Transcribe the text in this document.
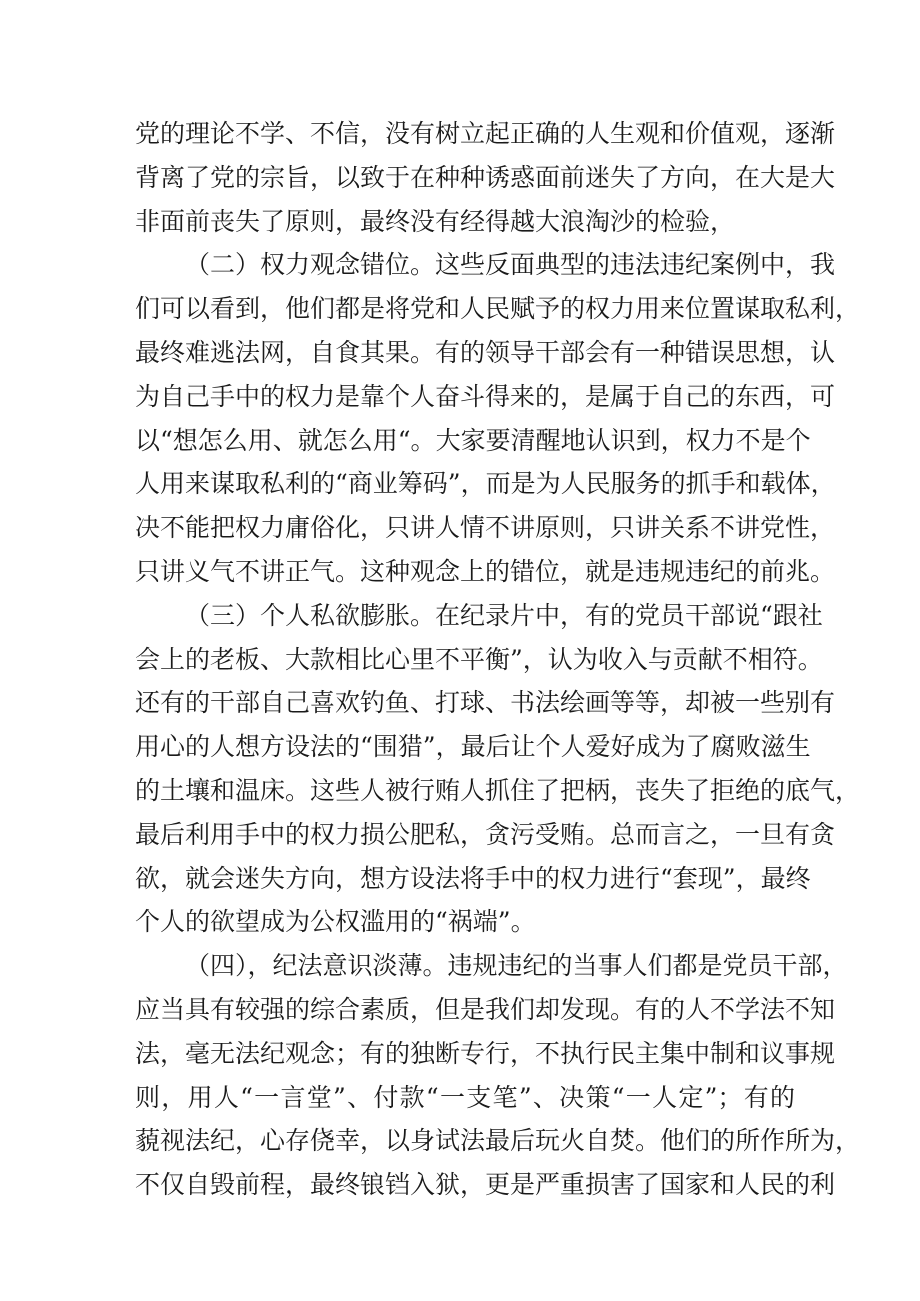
党的理论不学、不信，没有树立起正确的人生观和价值观，逐渐
背离了党的宗旨，以致于在种种诱惑面前迷失了方向，在大是大
非面前丧失了原则，最终没有经得越大浪淘沙的检验，
（二）权力观念错位。这些反面典型的违法违纪案例中，我
们可以看到，他们都是将党和人民赋予的权力用来位置谋取私利，
最终难逃法网，自食其果。有的领导干部会有一种错误思想，认
为自己手中的权力是靠个人奋斗得来的，是属于自己的东西，可
以“想怎么用、就怎么用“。大家要清醒地认识到，权力不是个
人用来谋取私利的“商业筹码”，而是为人民服务的抓手和载体，
决不能把权力庸俗化，只讲人情不讲原则，只讲关系不讲党性，
只讲义气不讲正气。这种观念上的错位，就是违规违纪的前兆。
（三）个人私欲膨胀。在纪录片中，有的党员干部说“跟社
会上的老板、大款相比心里不平衡”，认为收入与贡献不相符。
还有的干部自己喜欢钓鱼、打球、书法绘画等等，却被一些别有
用心的人想方设法的“围猎”，最后让个人爱好成为了腐败滋生
的土壤和温床。这些人被行贿人抓住了把柄，丧失了拒绝的底气，
最后利用手中的权力损公肥私，贪污受贿。总而言之，一旦有贪
欲，就会迷失方向，想方设法将手中的权力进行“套现”，最终
个人的欲望成为公权滥用的“祸端”。
（四），纪法意识淡薄。违规违纪的当事人们都是党员干部，
应当具有较强的综合素质，但是我们却发现。有的人不学法不知
法，毫无法纪观念；有的独断专行，不执行民主集中制和议事规
则，用人“一言堂”、付款“一支笔”、决策“一人定”；有的
藐视法纪，心存侥幸，以身试法最后玩火自焚。他们的所作所为，
不仅自毁前程，最终锒铛入狱，更是严重损害了国家和人民的利
